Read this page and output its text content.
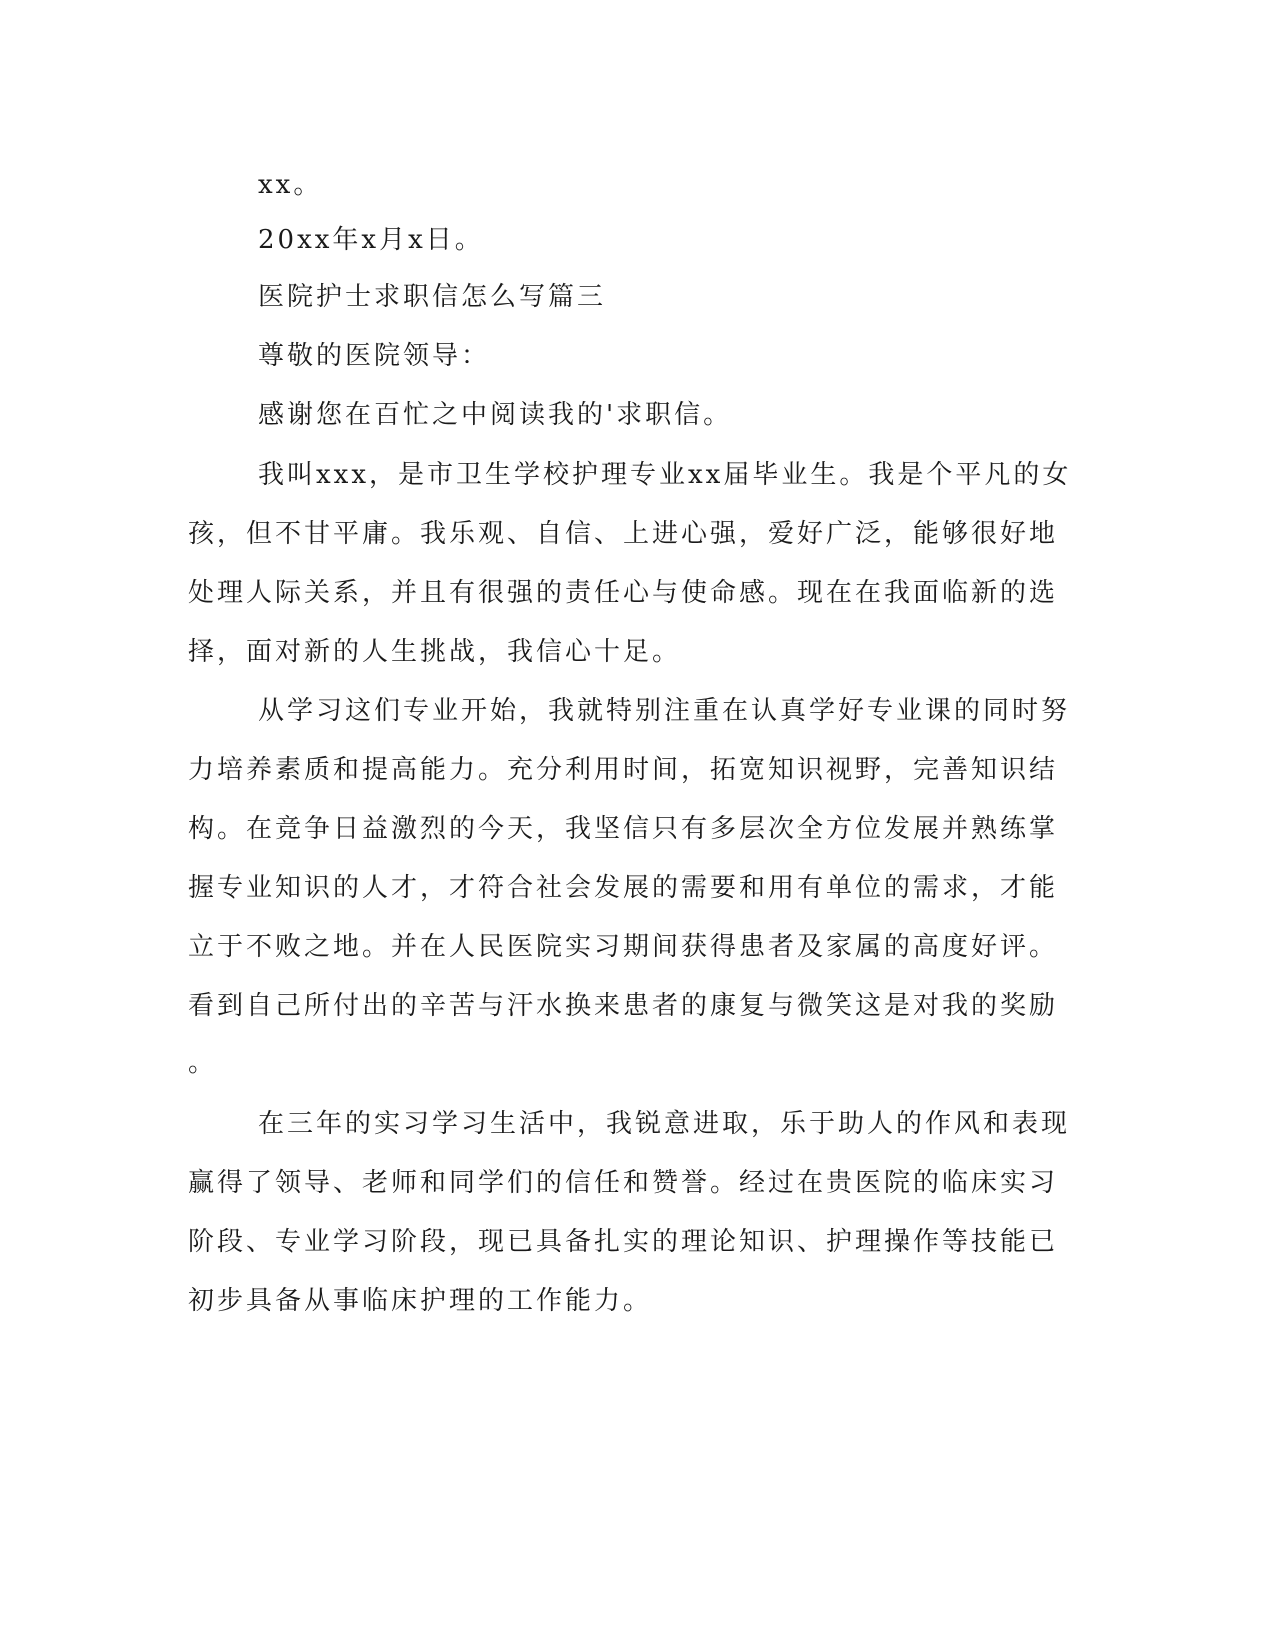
xx。
20xx年x月x日。
医院护士求职信怎么写篇三
尊敬的医院领导：
感谢您在百忙之中阅读我的'求职信。
我叫xxx，是市卫生学校护理专业xx届毕业生。我是个平凡的女
孩，但不甘平庸。我乐观、自信、上进心强，爱好广泛，能够很好地
处理人际关系，并且有很强的责任心与使命感。现在在我面临新的选
择，面对新的人生挑战，我信心十足。
从学习这们专业开始，我就特别注重在认真学好专业课的同时努
力培养素质和提高能力。充分利用时间，拓宽知识视野，完善知识结
构。在竞争日益激烈的今天，我坚信只有多层次全方位发展并熟练掌
握专业知识的人才，才符合社会发展的需要和用有单位的需求，才能
立于不败之地。并在人民医院实习期间获得患者及家属的高度好评。
看到自己所付出的辛苦与汗水换来患者的康复与微笑这是对我的奖励
。
在三年的实习学习生活中，我锐意进取，乐于助人的作风和表现
赢得了领导、老师和同学们的信任和赞誉。经过在贵医院的临床实习
阶段、专业学习阶段，现已具备扎实的理论知识、护理操作等技能已
初步具备从事临床护理的工作能力。
